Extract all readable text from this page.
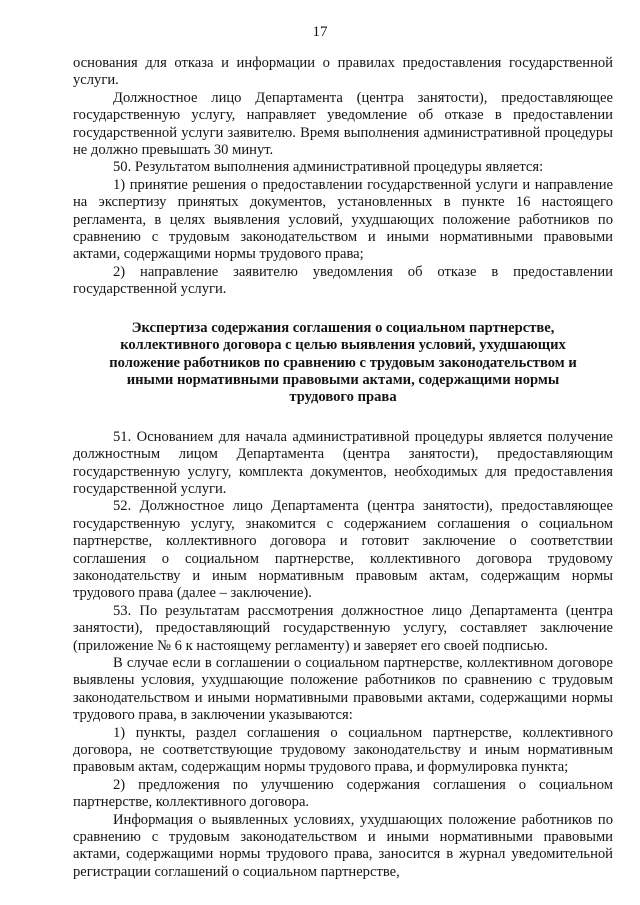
17

основания для отказа и информации о правилах предоставления государственной услуги.

Должностное лицо Департамента (центра занятости), предоставляющее государственную услугу, направляет уведомление об отказе в предоставлении государственной услуги заявителю. Время выполнения административной процедуры не должно превышать 30 минут.

50. Результатом выполнения административной процедуры является:

1) принятие решения о предоставлении государственной услуги и направление на экспертизу принятых документов, установленных в пункте 16 настоящего регламента, в целях выявления условий, ухудшающих положение работников по сравнению с трудовым законодательством и иными нормативными правовыми актами, содержащими нормы трудового права;

2) направление заявителю уведомления об отказе в предоставлении государственной услуги.

Экспертиза содержания соглашения о социальном партнерстве, коллективного договора с целью выявления условий, ухудшающих положение работников по сравнению с трудовым законодательством и иными нормативными правовыми актами, содержащими нормы трудового права

51. Основанием для начала административной процедуры является получение должностным лицом Департамента (центра занятости), предоставляющим государственную услугу, комплекта документов, необходимых для предоставления государственной услуги.

52. Должностное лицо Департамента (центра занятости), предоставляющее государственную услугу, знакомится с содержанием соглашения о социальном партнерстве, коллективного договора и готовит заключение о соответствии соглашения о социальном партнерстве, коллективного договора трудовому законодательству и иным нормативным правовым актам, содержащим нормы трудового права (далее – заключение).

53. По результатам рассмотрения должностное лицо Департамента (центра занятости), предоставляющий государственную услугу, составляет заключение (приложение № 6 к настоящему регламенту) и заверяет его своей подписью.

В случае если в соглашении о социальном партнерстве, коллективном договоре выявлены условия, ухудшающие положение работников по сравнению с трудовым законодательством и иными нормативными правовыми актами, содержащими нормы трудового права, в заключении указываются:

1) пункты, раздел соглашения о социальном партнерстве, коллективного договора, не соответствующие трудовому законодательству и иным нормативным правовым актам, содержащим нормы трудового права, и формулировка пункта;

2) предложения по улучшению содержания соглашения о социальном партнерстве, коллективного договора.

Информация о выявленных условиях, ухудшающих положение работников по сравнению с трудовым законодательством и иными нормативными правовыми актами, содержащими нормы трудового права, заносится в журнал уведомительной регистрации соглашений о социальном партнерстве,
